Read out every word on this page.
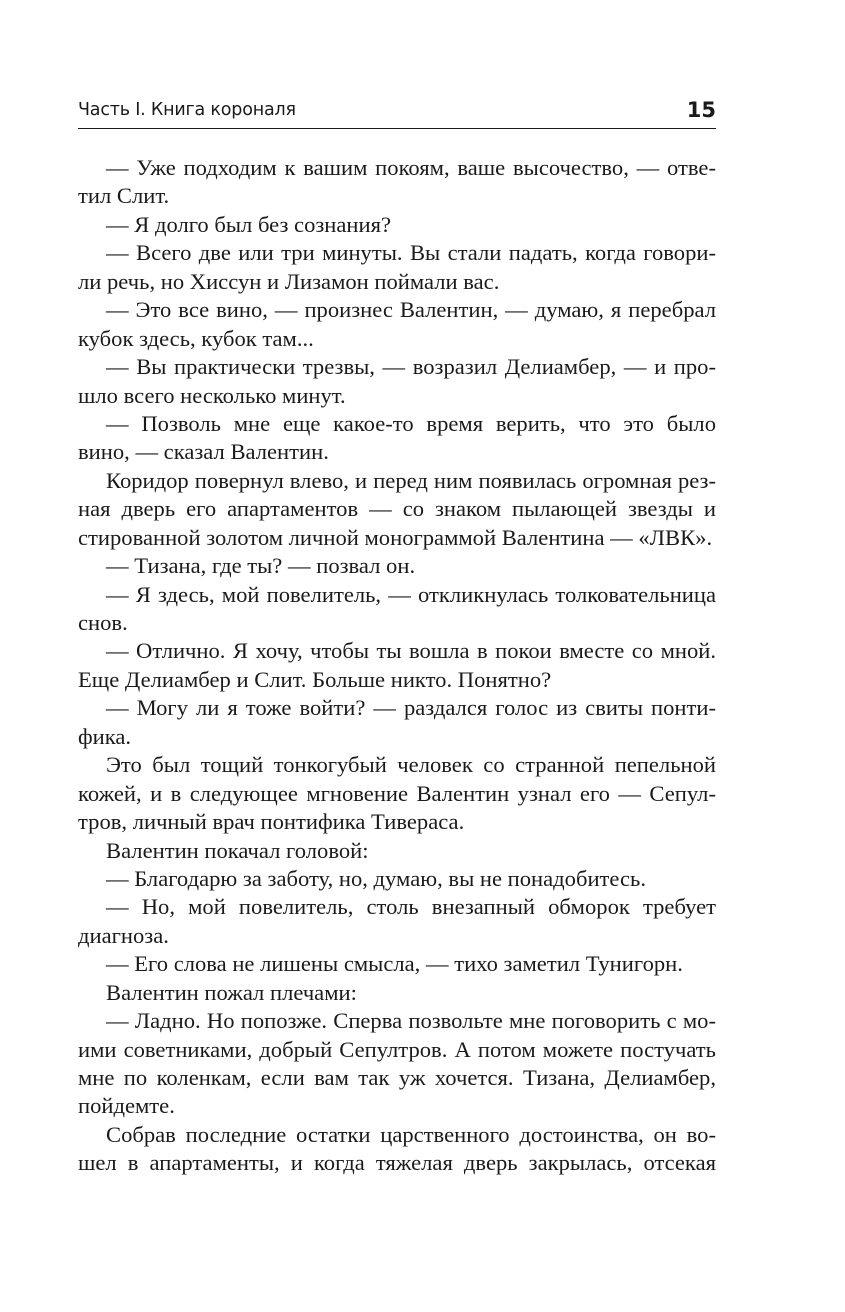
Часть I. Книга короналя	15
— Уже подходим к вашим покоям, ваше высочество, — отве-
тил Слит.
— Я долго был без сознания?
— Всего две или три минуты. Вы стали падать, когда говори-
ли речь, но Хиссун и Лизамон поймали вас.
— Это все вино, — произнес Валентин, — думаю, я перебрал
кубок здесь, кубок там...
— Вы практически трезвы, — возразил Делиамбер, — и про-
шло всего несколько минут.
— Позволь мне еще какое-то время верить, что это было
вино, — сказал Валентин.
Коридор повернул влево, и перед ним появилась огромная рез-
ная дверь его апартаментов — со знаком пылающей звезды и
стированной золотом личной монограммой Валентина — «ЛВК».
— Тизана, где ты? — позвал он.
— Я здесь, мой повелитель, — откликнулась толковательница
снов.
— Отлично. Я хочу, чтобы ты вошла в покои вместе со мной.
Еще Делиамбер и Слит. Больше никто. Понятно?
— Могу ли я тоже войти? — раздался голос из свиты понти-
фика.
Это был тощий тонкогубый человек со странной пепельной
кожей, и в следующее мгновение Валентин узнал его — Сепул-
тров, личный врач понтифика Тивераса.
Валентин покачал головой:
— Благодарю за заботу, но, думаю, вы не понадобитесь.
— Но, мой повелитель, столь внезапный обморок требует
диагноза.
— Его слова не лишены смысла, — тихо заметил Тунигорн.
Валентин пожал плечами:
— Ладно. Но попозже. Сперва позвольте мне поговорить с мо-
ими советниками, добрый Сепултров. А потом можете постучать
мне по коленкам, если вам так уж хочется. Тизана, Делиамбер,
пойдемте.
Собрав последние остатки царственного достоинства, он во-
шел в апартаменты, и когда тяжелая дверь закрылась, отсекая
